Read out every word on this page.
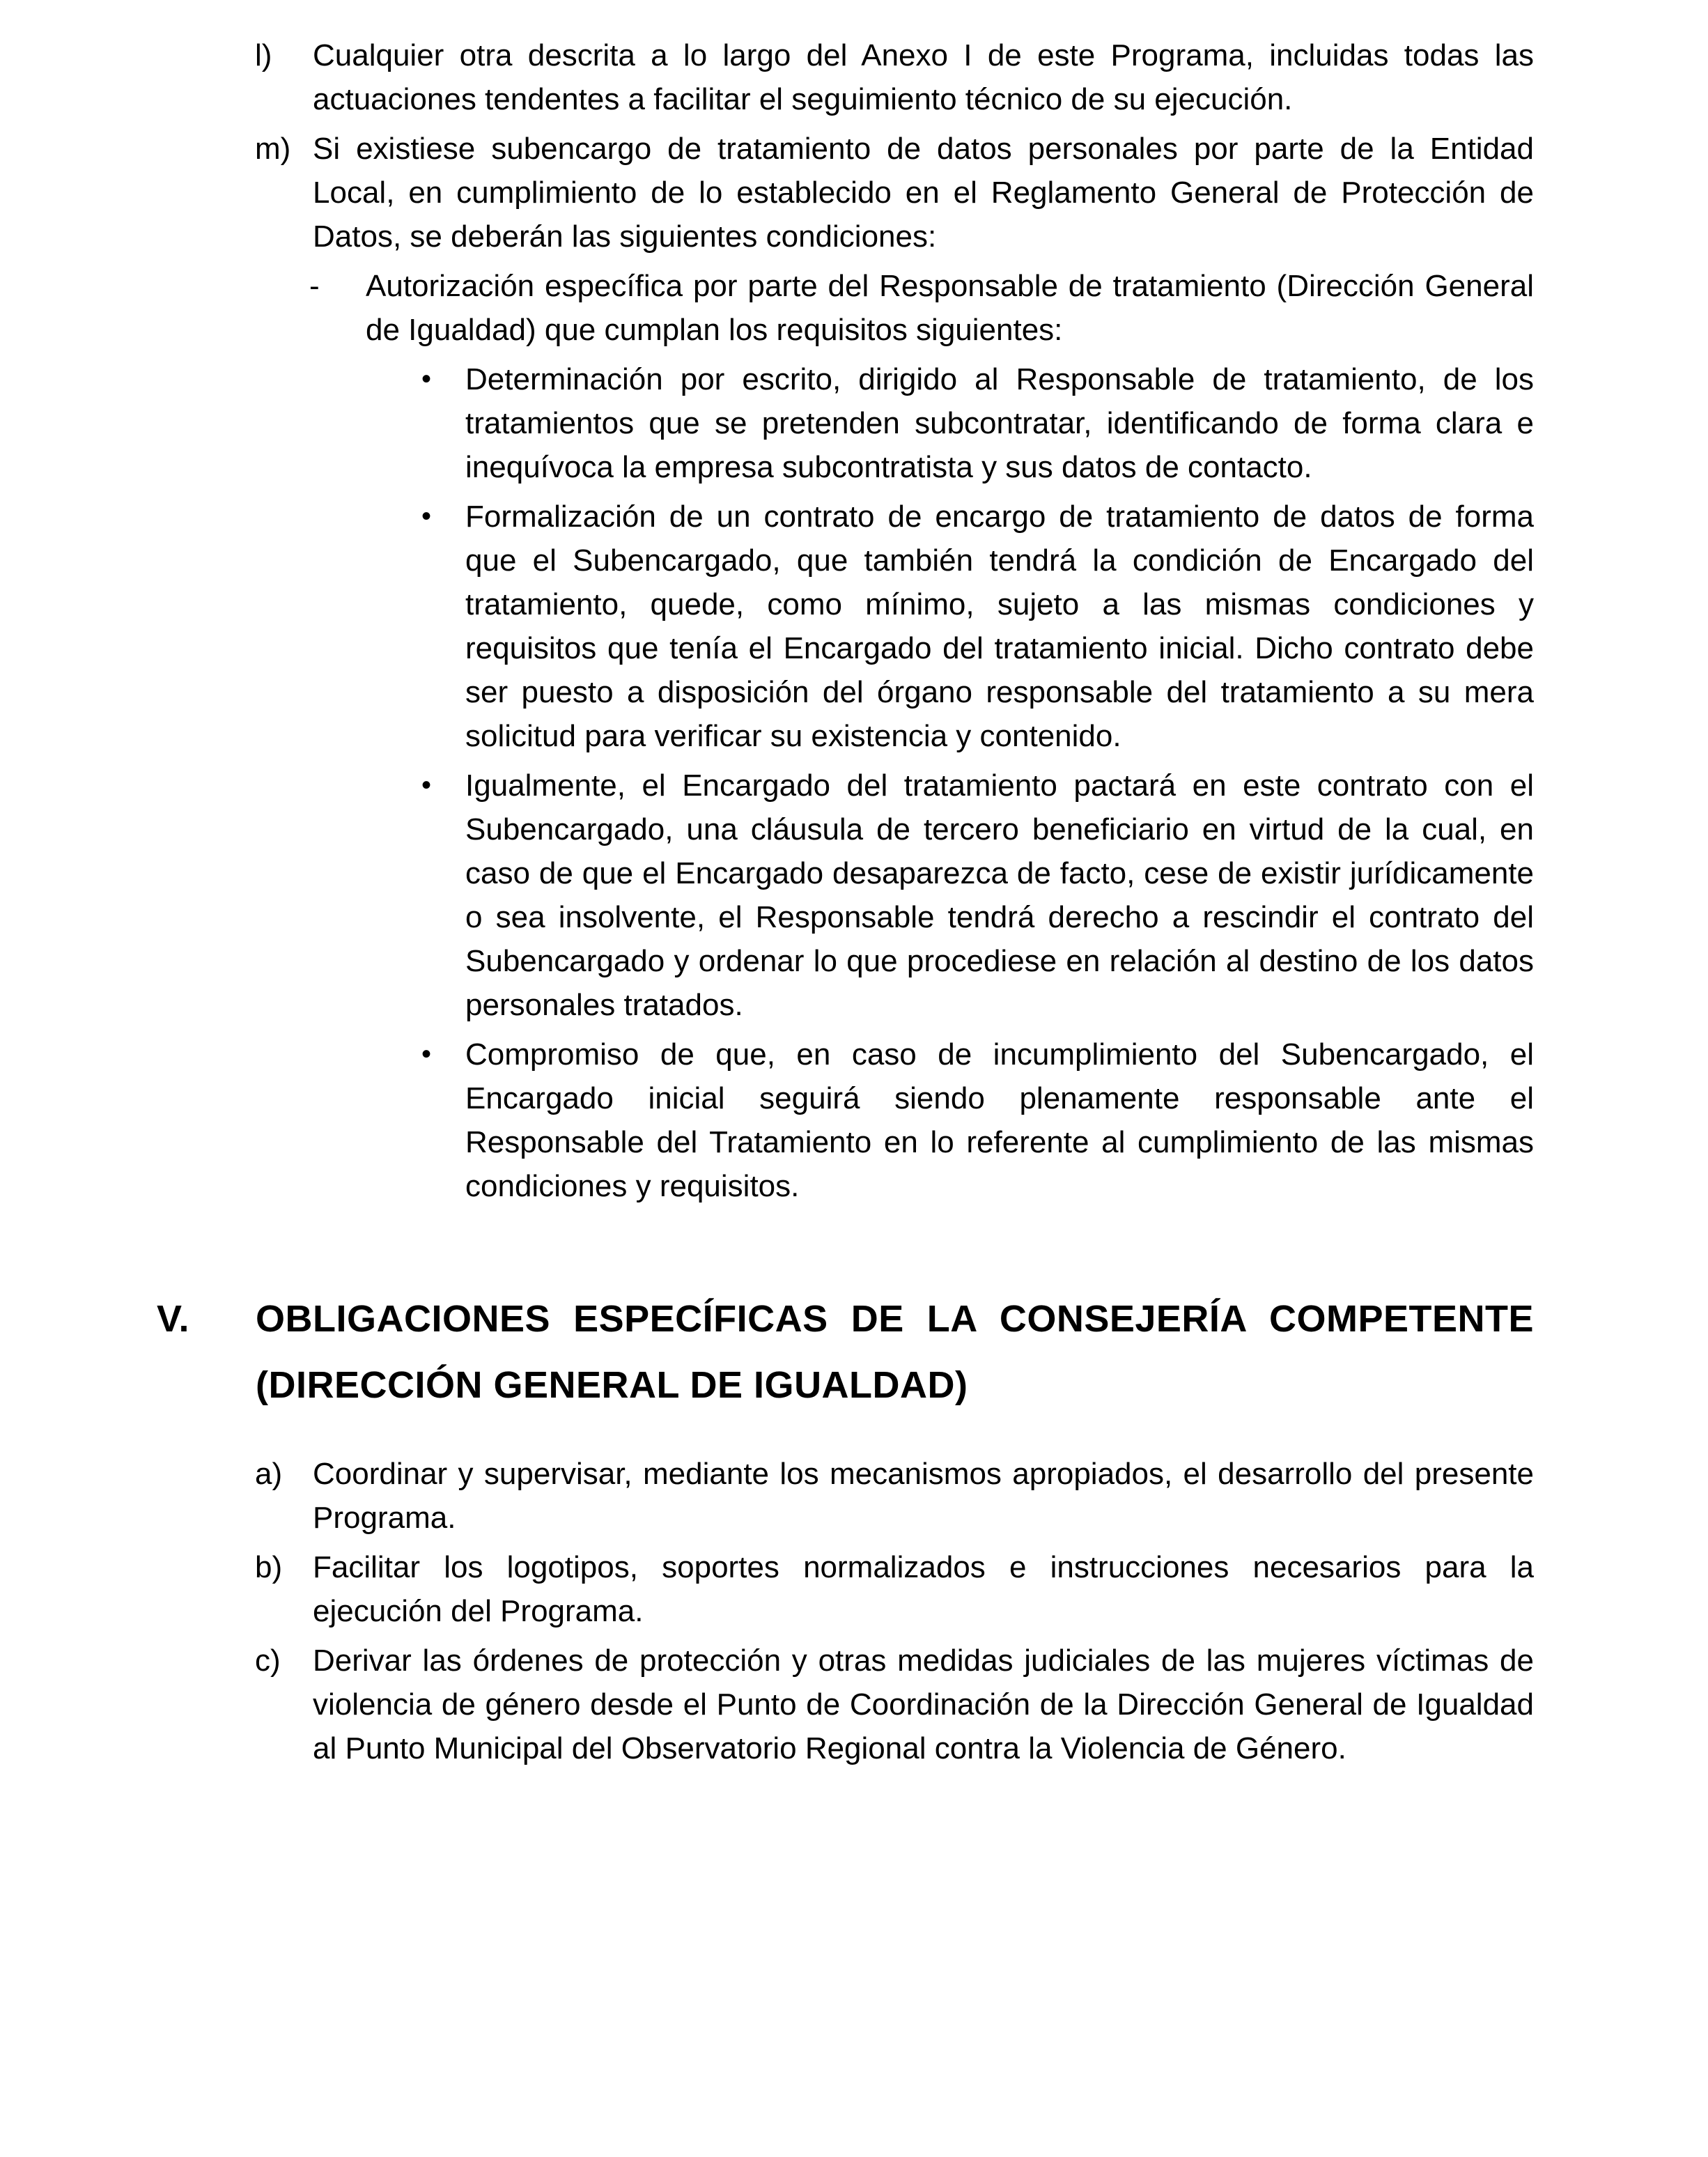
l) Cualquier otra descrita a lo largo del Anexo I de este Programa, incluidas todas las actuaciones tendentes a facilitar el seguimiento técnico de su ejecución.

m) Si existiese subencargo de tratamiento de datos personales por parte de la Entidad Local, en cumplimiento de lo establecido en el Reglamento General de Protección de Datos, se deberán las siguientes condiciones:

- Autorización específica por parte del Responsable de tratamiento (Dirección General de Igualdad) que cumplan los requisitos siguientes:

• Determinación por escrito, dirigido al Responsable de tratamiento, de los tratamientos que se pretenden subcontratar, identificando de forma clara e inequívoca la empresa subcontratista y sus datos de contacto.

• Formalización de un contrato de encargo de tratamiento de datos de forma que el Subencargado, que también tendrá la condición de Encargado del tratamiento, quede, como mínimo, sujeto a las mismas condiciones y requisitos que tenía el Encargado del tratamiento inicial. Dicho contrato debe ser puesto a disposición del órgano responsable del tratamiento a su mera solicitud para verificar su existencia y contenido.

• Igualmente, el Encargado del tratamiento pactará en este contrato con el Subencargado, una cláusula de tercero beneficiario en virtud de la cual, en caso de que el Encargado desaparezca de facto, cese de existir jurídicamente o sea insolvente, el Responsable tendrá derecho a rescindir el contrato del Subencargado y ordenar lo que procediese en relación al destino de los datos personales tratados.

• Compromiso de que, en caso de incumplimiento del Subencargado, el Encargado inicial seguirá siendo plenamente responsable ante el Responsable del Tratamiento en lo referente al cumplimiento de las mismas condiciones y requisitos.

V. OBLIGACIONES ESPECÍFICAS DE LA CONSEJERÍA COMPETENTE
(DIRECCIÓN GENERAL DE IGUALDAD)
a) Coordinar y supervisar, mediante los mecanismos apropiados, el desarrollo del presente Programa.

b) Facilitar los logotipos, soportes normalizados e instrucciones necesarios para la ejecución del Programa.

c) Derivar las órdenes de protección y otras medidas judiciales de las mujeres víctimas de violencia de género desde el Punto de Coordinación de la Dirección General de Igualdad al Punto Municipal del Observatorio Regional contra la Violencia de Género.
